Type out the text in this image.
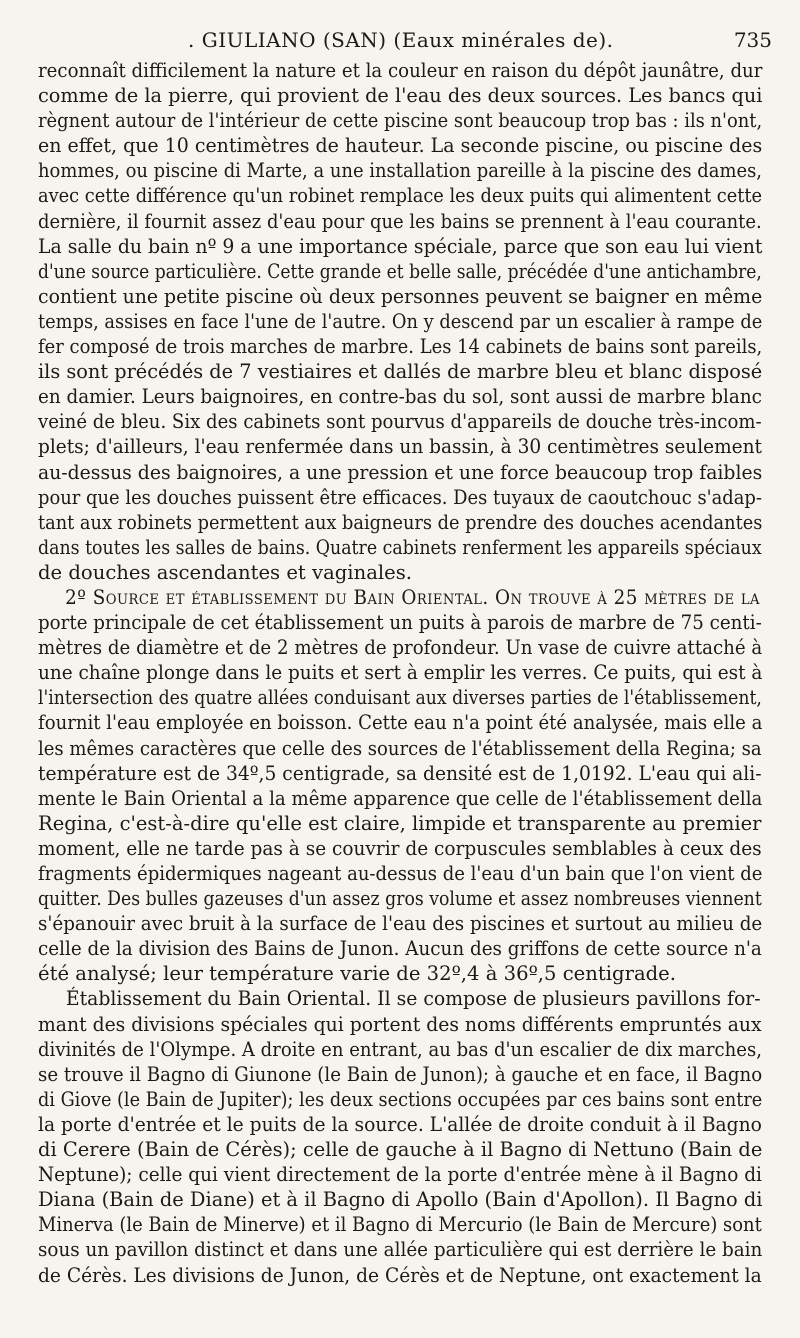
. GIULIANO (SAN) (Eaux minérales de).	735
reconnaît difficilement la nature et la couleur en raison du dépôt jaunâtre, dur
comme de la pierre, qui provient de l'eau des deux sources. Les bancs qui
règnent autour de l'intérieur de cette piscine sont beaucoup trop bas : ils n'ont,
en effet, que 10 centimètres de hauteur. La seconde piscine, ou piscine des
hommes, ou piscine di Marte, a une installation pareille à la piscine des dames,
avec cette différence qu'un robinet remplace les deux puits qui alimentent cette
dernière, il fournit assez d'eau pour que les bains se prennent à l'eau courante.
La salle du bain nº 9 a une importance spéciale, parce que son eau lui vient
d'une source particulière. Cette grande et belle salle, précédée d'une antichambre,
contient une petite piscine où deux personnes peuvent se baigner en même
temps, assises en face l'une de l'autre. On y descend par un escalier à rampe de
fer composé de trois marches de marbre. Les 14 cabinets de bains sont pareils,
ils sont précédés de 7 vestiaires et dallés de marbre bleu et blanc disposé
en damier. Leurs baignoires, en contre-bas du sol, sont aussi de marbre blanc
veiné de bleu. Six des cabinets sont pourvus d'appareils de douche très-incom-
plets; d'ailleurs, l'eau renfermée dans un bassin, à 30 centimètres seulement
au-dessus des baignoires, a une pression et une force beaucoup trop faibles
pour que les douches puissent être efficaces. Des tuyaux de caoutchouc s'adap-
tant aux robinets permettent aux baigneurs de prendre des douches acendantes
dans toutes les salles de bains. Quatre cabinets renferment les appareils spéciaux
de douches ascendantes et vaginales.
2º Source et établissement du Bain Oriental. On trouve à 25 mètres de la
porte principale de cet établissement un puits à parois de marbre de 75 centi-
mètres de diamètre et de 2 mètres de profondeur. Un vase de cuivre attaché à
une chaîne plonge dans le puits et sert à emplir les verres. Ce puits, qui est à
l'intersection des quatre allées conduisant aux diverses parties de l'établissement,
fournit l'eau employée en boisson. Cette eau n'a point été analysée, mais elle a
les mêmes caractères que celle des sources de l'établissement della Regina; sa
température est de 34º,5 centigrade, sa densité est de 1,0192. L'eau qui ali-
mente le Bain Oriental a la même apparence que celle de l'établissement della
Regina, c'est-à-dire qu'elle est claire, limpide et transparente au premier
moment, elle ne tarde pas à se couvrir de corpuscules semblables à ceux des
fragments épidermiques nageant au-dessus de l'eau d'un bain que l'on vient de
quitter. Des bulles gazeuses d'un assez gros volume et assez nombreuses viennent
s'épanouir avec bruit à la surface de l'eau des piscines et surtout au milieu de
celle de la division des Bains de Junon. Aucun des griffons de cette source n'a
été analysé; leur température varie de 32º,4 à 36º,5 centigrade.
Établissement du Bain Oriental. Il se compose de plusieurs pavillons for-
mant des divisions spéciales qui portent des noms différents empruntés aux
divinités de l'Olympe. A droite en entrant, au bas d'un escalier de dix marches,
se trouve il Bagno di Giunone (le Bain de Junon); à gauche et en face, il Bagno
di Giove (le Bain de Jupiter); les deux sections occupées par ces bains sont entre
la porte d'entrée et le puits de la source. L'allée de droite conduit à il Bagno
di Cerere (Bain de Cérès); celle de gauche à il Bagno di Nettuno (Bain de
Neptune); celle qui vient directement de la porte d'entrée mène à il Bagno di
Diana (Bain de Diane) et à il Bagno di Apollo (Bain d'Apollon). Il Bagno di
Minerva (le Bain de Minerve) et il Bagno di Mercurio (le Bain de Mercure) sont
sous un pavillon distinct et dans une allée particulière qui est derrière le bain
de Cérès. Les divisions de Junon, de Cérès et de Neptune, ont exactement la
